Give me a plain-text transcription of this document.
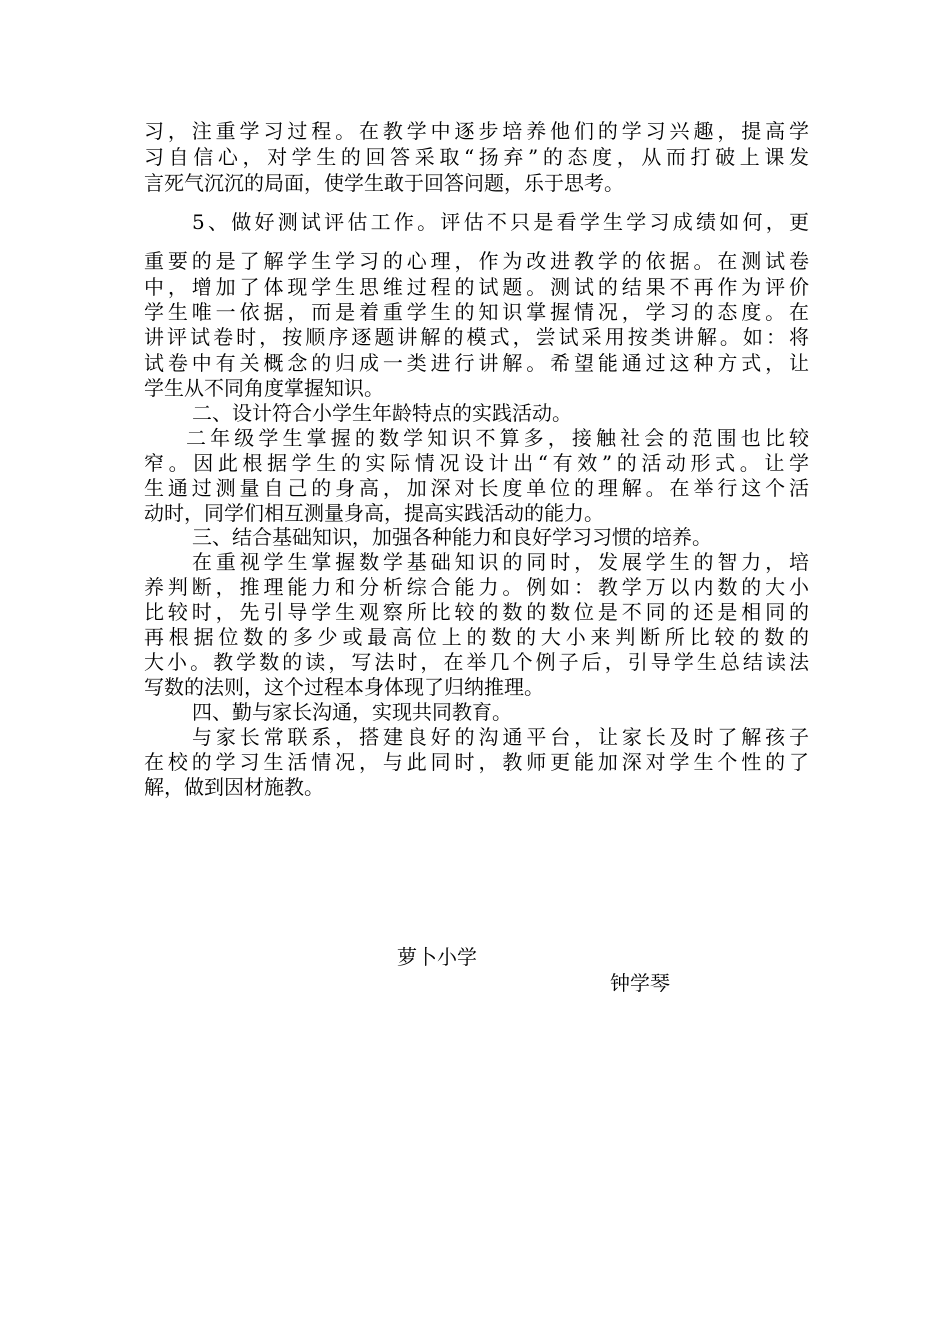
习，注重学习过程。在教学中逐步培养他们的学习兴趣，提高学
习自信心，对学生的回答采取“扬弃”的态度，从而打破上课发
言死气沉沉的局面，使学生敢于回答问题，乐于思考。
5、做好测试评估工作。评估不只是看学生学习成绩如何，更
重要的是了解学生学习的心理，作为改进教学的依据。在测试卷
中，增加了体现学生思维过程的试题。测试的结果不再作为评价
学生唯一依据，而是着重学生的知识掌握情况，学习的态度。在
讲评试卷时，按顺序逐题讲解的模式，尝试采用按类讲解。如：将
试卷中有关概念的归成一类进行讲解。希望能通过这种方式，让
学生从不同角度掌握知识。
二、设计符合小学生年龄特点的实践活动。
二年级学生掌握的数学知识不算多，接触社会的范围也比较
窄。因此根据学生的实际情况设计出“有效”的活动形式。让学
生通过测量自己的身高，加深对长度单位的理解。在举行这个活
动时，同学们相互测量身高，提高实践活动的能力。
三、结合基础知识，加强各种能力和良好学习习惯的培养。
在重视学生掌握数学基础知识的同时，发展学生的智力，培
养判断，推理能力和分析综合能力。例如：教学万以内数的大小
比较时，先引导学生观察所比较的数的数位是不同的还是相同的
再根据位数的多少或最高位上的数的大小来判断所比较的数的
大小。教学数的读，写法时，在举几个例子后，引导学生总结读法
写数的法则，这个过程本身体现了归纳推理。
四、勤与家长沟通，实现共同教育。
与家长常联系，搭建良好的沟通平台，让家长及时了解孩子
在校的学习生活情况，与此同时，教师更能加深对学生个性的了
解，做到因材施教。
萝卜小学
钟学琴
